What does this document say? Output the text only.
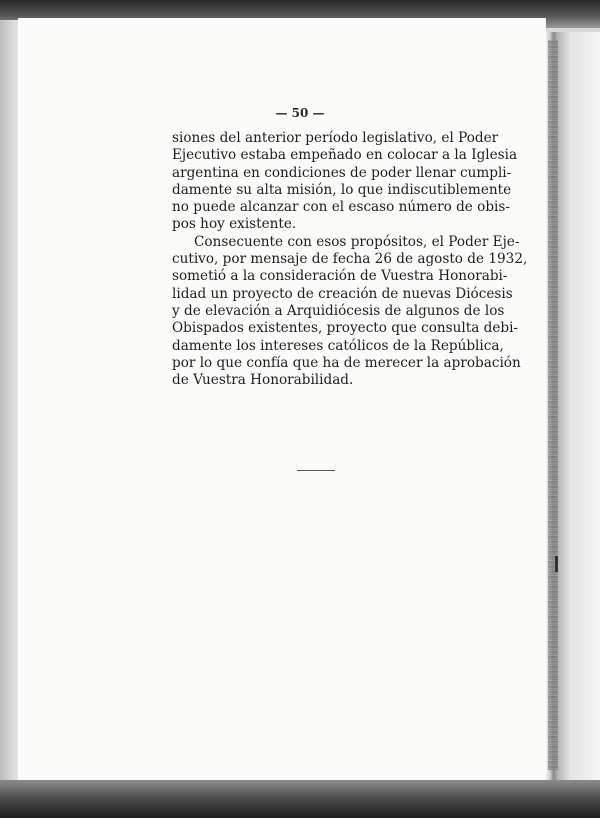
— 50 —
siones del anterior período legislativo, el Poder
Ejecutivo estaba empeñado en colocar a la Iglesia
argentina en condiciones de poder llenar cumpli-
damente su alta misión, lo que indiscutiblemente
no puede alcanzar con el escaso número de obis-
pos hoy existente.
Consecuente con esos propósitos, el Poder Eje-
cutivo, por mensaje de fecha 26 de agosto de 1932,
sometió a la consideración de Vuestra Honorabi-
lidad un proyecto de creación de nuevas Diócesis
y de elevación a Arquidiócesis de algunos de los
Obispados existentes, proyecto que consulta debi-
damente los intereses católicos de la República,
por lo que confía que ha de merecer la aprobación
de Vuestra Honorabilidad.
